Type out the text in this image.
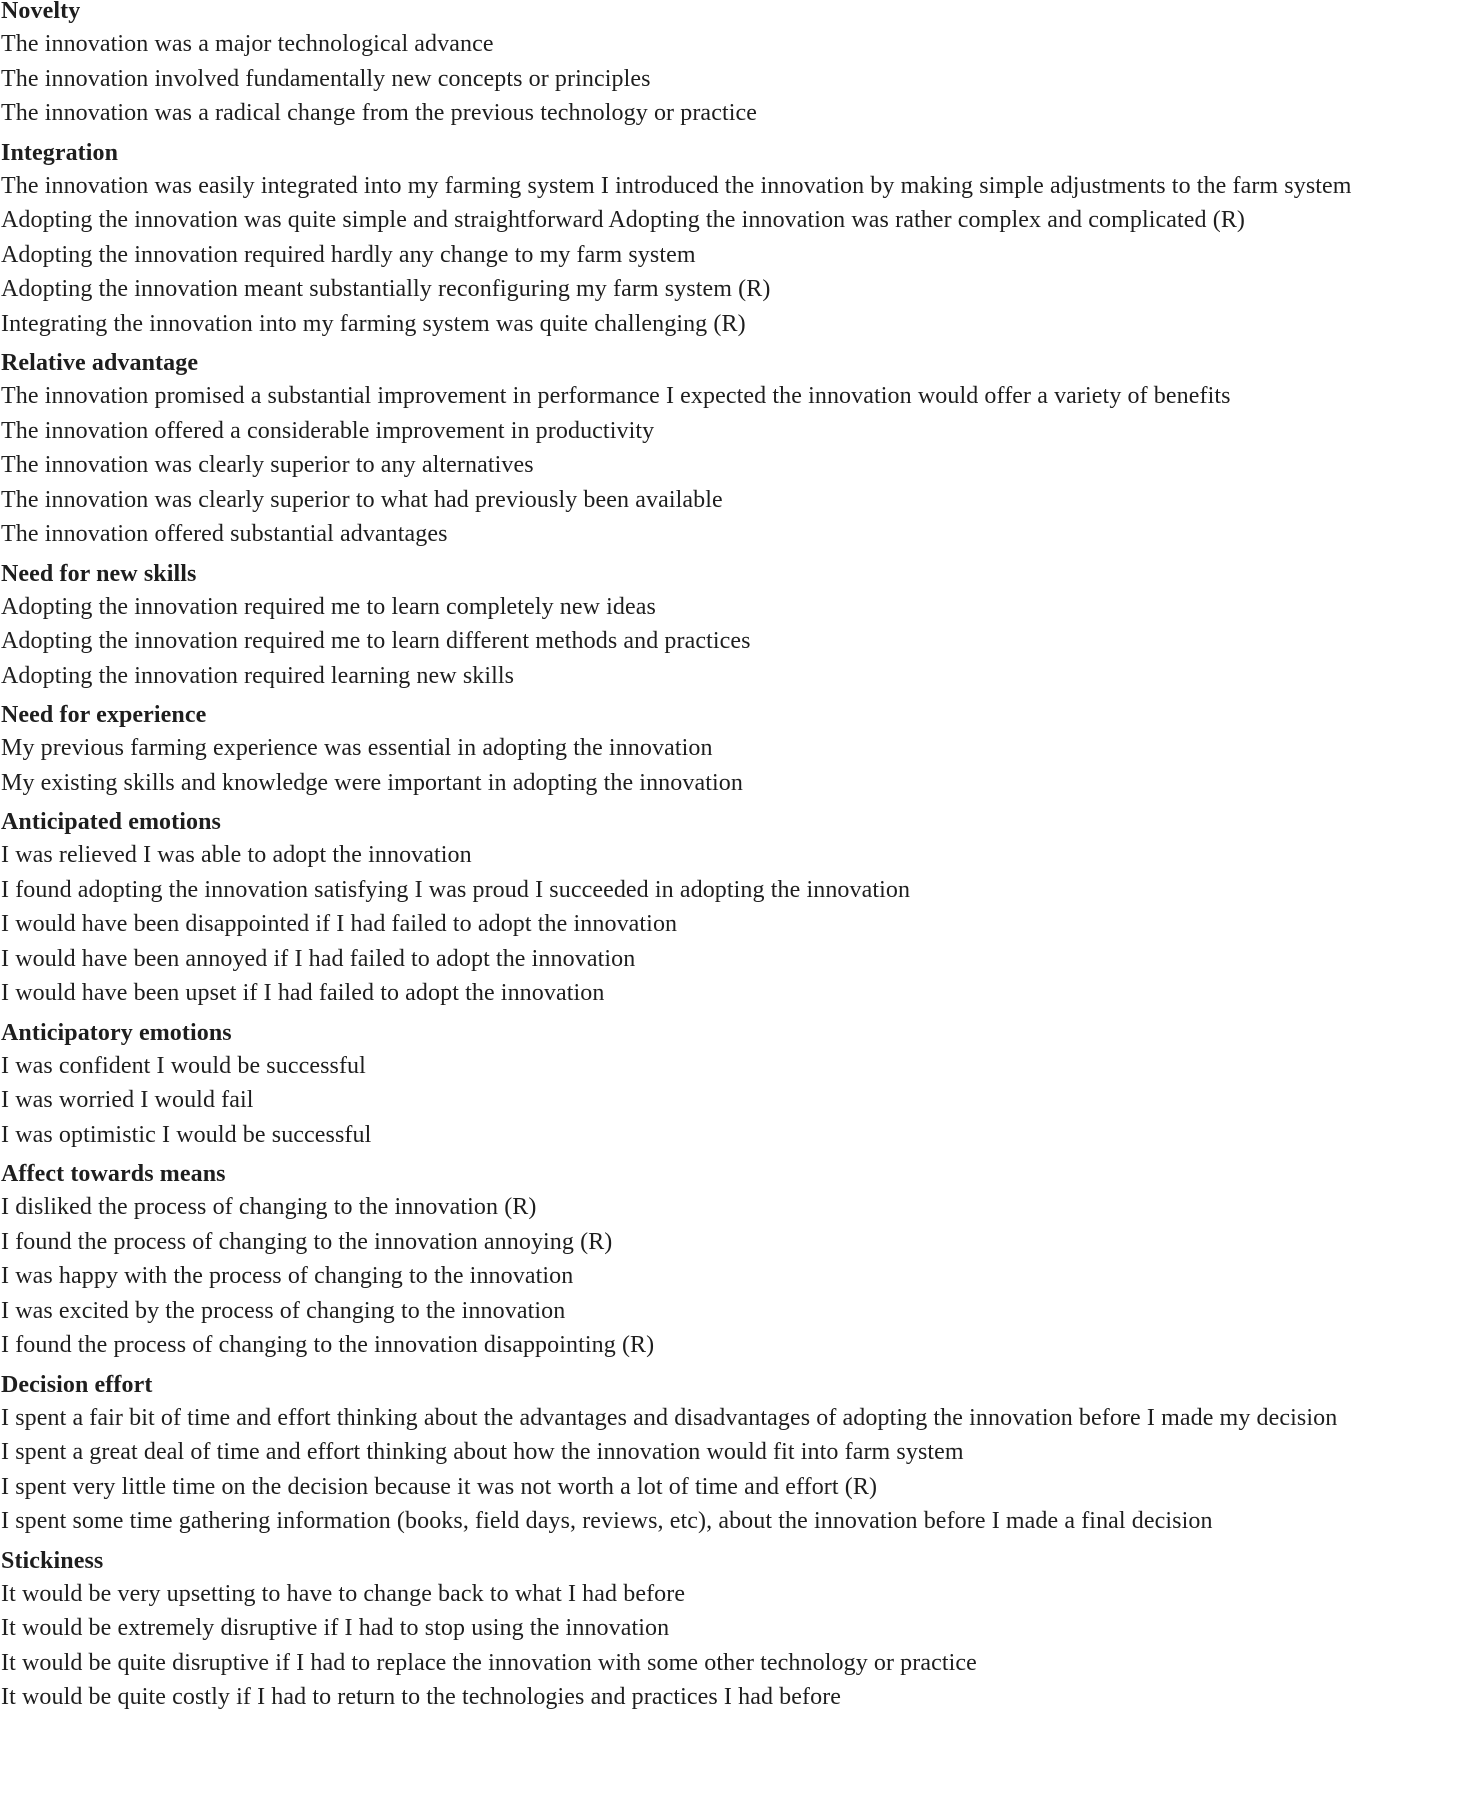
Novelty
The innovation was a major technological advance
The innovation involved fundamentally new concepts or principles
The innovation was a radical change from the previous technology or practice
Integration
The innovation was easily integrated into my farming system I introduced the innovation by making simple adjustments to the farm system
Adopting the innovation was quite simple and straightforward Adopting the innovation was rather complex and complicated (R)
Adopting the innovation required hardly any change to my farm system
Adopting the innovation meant substantially reconfiguring my farm system (R)
Integrating the innovation into my farming system was quite challenging (R)
Relative advantage
The innovation promised a substantial improvement in performance I expected the innovation would offer a variety of benefits
The innovation offered a considerable improvement in productivity
The innovation was clearly superior to any alternatives
The innovation was clearly superior to what had previously been available
The innovation offered substantial advantages
Need for new skills
Adopting the innovation required me to learn completely new ideas
Adopting the innovation required me to learn different methods and practices
Adopting the innovation required learning new skills
Need for experience
My previous farming experience was essential in adopting the innovation
My existing skills and knowledge were important in adopting the innovation
Anticipated emotions
I was relieved I was able to adopt the innovation
I found adopting the innovation satisfying I was proud I succeeded in adopting the innovation
I would have been disappointed if I had failed to adopt the innovation
I would have been annoyed if I had failed to adopt the innovation
I would have been upset if I had failed to adopt the innovation
Anticipatory emotions
I was confident I would be successful
I was worried I would fail
I was optimistic I would be successful
Affect towards means
I disliked the process of changing to the innovation (R)
I found the process of changing to the innovation annoying (R)
I was happy with the process of changing to the innovation
I was excited by the process of changing to the innovation
I found the process of changing to the innovation disappointing (R)
Decision effort
I spent a fair bit of time and effort thinking about the advantages and disadvantages of adopting the innovation before I made my decision
I spent a great deal of time and effort thinking about how the innovation would fit into farm system
I spent very little time on the decision because it was not worth a lot of time and effort (R)
I spent some time gathering information (books, field days, reviews, etc), about the innovation before I made a final decision
Stickiness
It would be very upsetting to have to change back to what I had before
It would be extremely disruptive if I had to stop using the innovation
It would be quite disruptive if I had to replace the innovation with some other technology or practice
It would be quite costly if I had to return to the technologies and practices I had before
